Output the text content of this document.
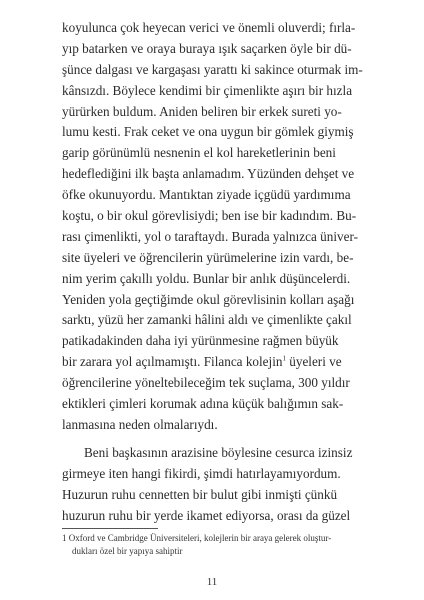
koyulunca çok heyecan verici ve önemli oluverdi; fırla-
yıp batarken ve oraya buraya ışık saçarken öyle bir dü-
şünce dalgası ve kargaşası yarattı ki sakince oturmak im-
kânsızdı. Böylece kendimi bir çimenlikte aşırı bir hızla
yürürken buldum. Aniden beliren bir erkek sureti yo-
lumu kesti. Frak ceket ve ona uygun bir gömlek giymiş
garip görünümlü nesnenin el kol hareketlerinin beni
hedeflediğini ilk başta anlamadım. Yüzünden dehşet ve
öfke okunuyordu. Mantıktan ziyade içgüdü yardımıma
koştu, o bir okul görevlisiydi; ben ise bir kadındım. Bu-
rası çimenlikti, yol o taraftaydı. Burada yalnızca üniver-
site üyeleri ve öğrencilerin yürümelerine izin vardı, be-
nim yerim çakıllı yoldu. Bunlar bir anlık düşüncelerdi.
Yeniden yola geçtiğimde okul görevlisinin kolları aşağı
sarktı, yüzü her zamanki hâlini aldı ve çimenlikte çakıl
patikadakinden daha iyi yürünmesine rağmen büyük
bir zarara yol açılmamıştı. Filanca kolejin$^1$ üyeleri ve
öğrencilerine yöneltebileceğim tek suçlama, 300 yıldır
ektikleri çimleri korumak adına küçük balığımın sak-
lanmasına neden olmalarıydı.
Beni başkasının arazisine böylesine cesurca izinsiz
girmeye iten hangi fikirdi, şimdi hatırlayamıyordum.
Huzurun ruhu cennetten bir bulut gibi inmişti çünkü
huzurun ruhu bir yerde ikamet ediyorsa, orası da güzel
1 Oxford ve Cambridge Üniversiteleri, kolejlerin bir araya gelerek oluştur-
dukları özel bir yapıya sahiptir
11
